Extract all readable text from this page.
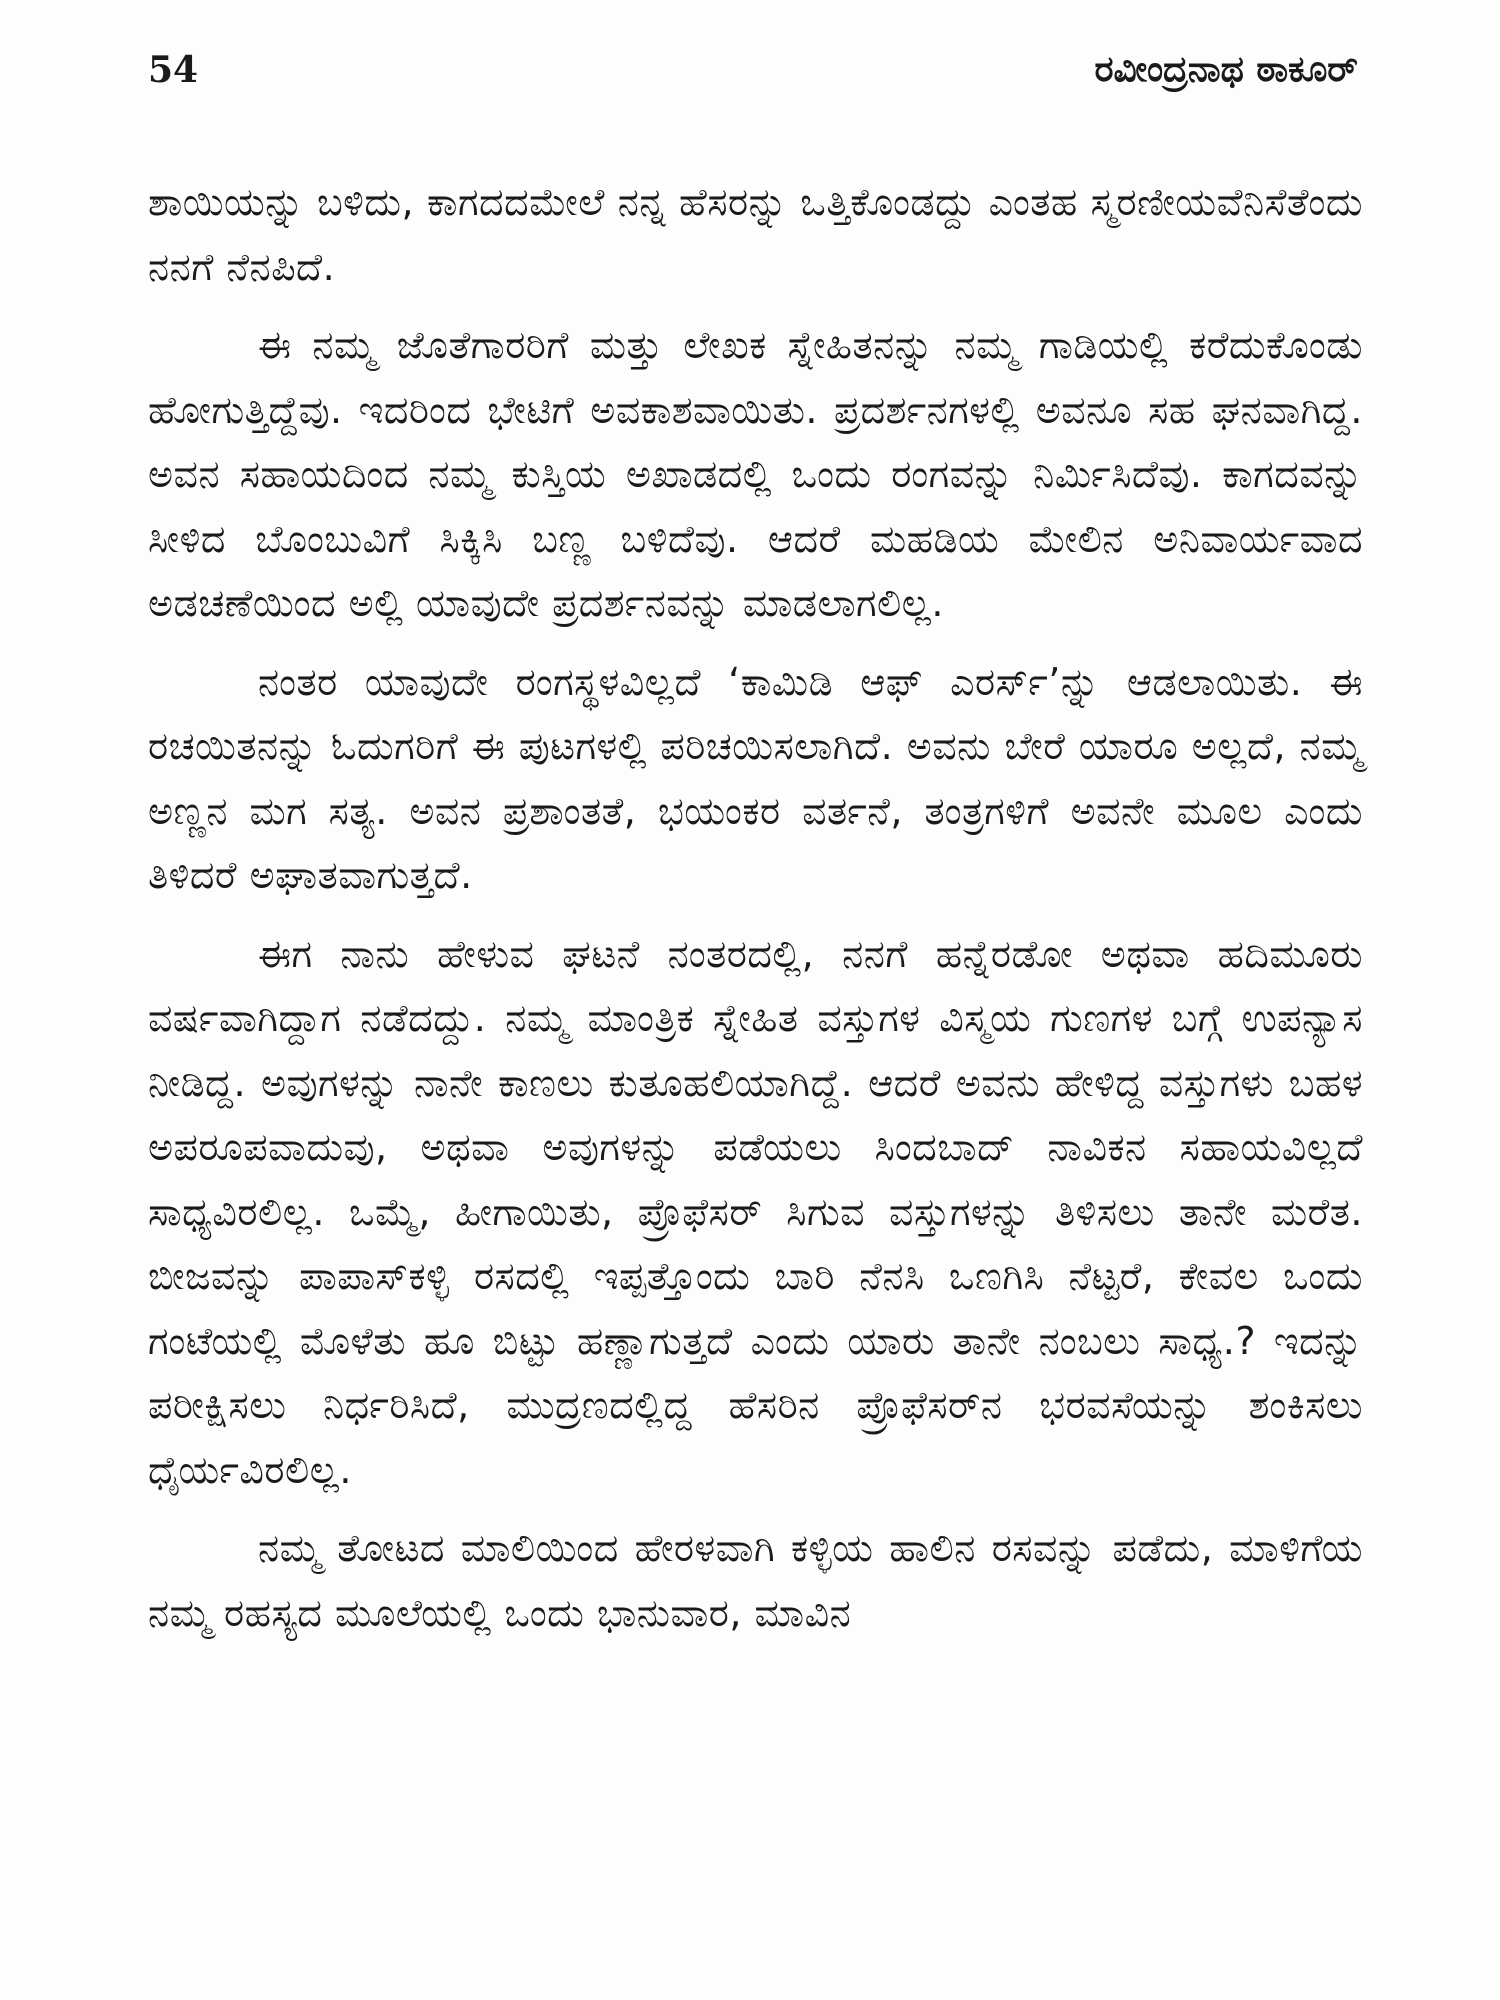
54	ರವೀಂದ್ರನಾಥ ಠಾಕೂರ್

ಶಾಯಿಯನ್ನು ಬಳಿದು, ಕಾಗದದಮೇಲೆ ನನ್ನ ಹೆಸರನ್ನು ಒತ್ತಿಕೊಂಡದ್ದು ಎಂತಹ ಸ್ಮರಣೀಯವೆನಿಸೆತೆಂದು ನನಗೆ ನೆನಪಿದೆ.

ಈ ನಮ್ಮ ಜೊತೆಗಾರರಿಗೆ ಮತ್ತು ಲೇಖಕ ಸ್ನೇಹಿತನನ್ನು ನಮ್ಮ ಗಾಡಿಯಲ್ಲಿ ಕರೆದುಕೊಂಡು ಹೋಗುತ್ತಿದ್ದೆವು. ಇದರಿಂದ ಭೇಟಿಗೆ ಅವಕಾಶವಾಯಿತು. ಪ್ರದರ್ಶನಗಳಲ್ಲಿ ಅವನೂ ಸಹ ಘನವಾಗಿದ್ದ. ಅವನ ಸಹಾಯದಿಂದ ನಮ್ಮ ಕುಸ್ತಿಯ ಅಖಾಡದಲ್ಲಿ ಒಂದು ರಂಗವನ್ನು ನಿರ್ಮಿಸಿದೆವು. ಕಾಗದವನ್ನು ಸೀಳಿದ ಬೊಂಬುವಿಗೆ ಸಿಕ್ಕಿಸಿ ಬಣ್ಣ ಬಳಿದೆವು. ಆದರೆ ಮಹಡಿಯ ಮೇಲಿನ ಅನಿವಾರ್ಯವಾದ ಅಡಚಣೆಯಿಂದ ಅಲ್ಲಿ ಯಾವುದೇ ಪ್ರದರ್ಶನವನ್ನು ಮಾಡಲಾಗಲಿಲ್ಲ.

ನಂತರ ಯಾವುದೇ ರಂಗಸ್ಥಳವಿಲ್ಲದೆ ‘ಕಾಮಿಡಿ ಆಫ್ ಎರರ್ಸ್’ನ್ನು ಆಡಲಾಯಿತು. ಈ ರಚಯಿತನನ್ನು ಓದುಗರಿಗೆ ಈ ಪುಟಗಳಲ್ಲಿ ಪರಿಚಯಿಸಲಾಗಿದೆ. ಅವನು ಬೇರೆ ಯಾರೂ ಅಲ್ಲದೆ, ನಮ್ಮ ಅಣ್ಣನ ಮಗ ಸತ್ಯ. ಅವನ ಪ್ರಶಾಂತತೆ, ಭಯಂಕರ ವರ್ತನೆ, ತಂತ್ರಗಳಿಗೆ ಅವನೇ ಮೂಲ ಎಂದು ತಿಳಿದರೆ ಅಘಾತವಾಗುತ್ತದೆ.

ಈಗ ನಾನು ಹೇಳುವ ಘಟನೆ ನಂತರದಲ್ಲಿ, ನನಗೆ ಹನ್ನೆರಡೋ ಅಥವಾ ಹದಿಮೂರು ವರ್ಷವಾಗಿದ್ದಾಗ ನಡೆದದ್ದು. ನಮ್ಮ ಮಾಂತ್ರಿಕ ಸ್ನೇಹಿತ ವಸ್ತುಗಳ ವಿಸ್ಮಯ ಗುಣಗಳ ಬಗ್ಗೆ ಉಪನ್ಯಾಸ ನೀಡಿದ್ದ. ಅವುಗಳನ್ನು ನಾನೇ ಕಾಣಲು ಕುತೂಹಲಿಯಾಗಿದ್ದೆ. ಆದರೆ ಅವನು ಹೇಳಿದ್ದ ವಸ್ತುಗಳು ಬಹಳ ಅಪರೂಪವಾದುವು, ಅಥವಾ ಅವುಗಳನ್ನು ಪಡೆಯಲು ಸಿಂದಬಾದ್ ನಾವಿಕನ ಸಹಾಯವಿಲ್ಲದೆ ಸಾಧ್ಯವಿರಲಿಲ್ಲ. ಒಮ್ಮೆ, ಹೀಗಾಯಿತು, ಪ್ರೊಫೆಸರ್ ಸಿಗುವ ವಸ್ತುಗಳನ್ನು ತಿಳಿಸಲು ತಾನೇ ಮರೆತ. ಬೀಜವನ್ನು ಪಾಪಾಸ್‌ಕಳ್ಳಿ ರಸದಲ್ಲಿ ಇಪ್ಪತ್ತೊಂದು ಬಾರಿ ನೆನಸಿ ಒಣಗಿಸಿ ನೆಟ್ಟರೆ, ಕೇವಲ ಒಂದು ಗಂಟೆಯಲ್ಲಿ ಮೊಳೆತು ಹೂ ಬಿಟ್ಟು ಹಣ್ಣಾಗುತ್ತದೆ ಎಂದು ಯಾರು ತಾನೇ ನಂಬಲು ಸಾಧ್ಯ.? ಇದನ್ನು ಪರೀಕ್ಷಿಸಲು ನಿರ್ಧರಿಸಿದೆ, ಮುದ್ರಣದಲ್ಲಿದ್ದ ಹೆಸರಿನ ಪ್ರೊಫೆಸರ್‌ನ ಭರವಸೆಯನ್ನು ಶಂಕಿಸಲು ಧೈರ್ಯವಿರಲಿಲ್ಲ.

ನಮ್ಮ ತೋಟದ ಮಾಲಿಯಿಂದ ಹೇರಳವಾಗಿ ಕಳ್ಳಿಯ ಹಾಲಿನ ರಸವನ್ನು ಪಡೆದು, ಮಾಳಿಗೆಯ ನಮ್ಮ ರಹಸ್ಯದ ಮೂಲೆಯಲ್ಲಿ ಒಂದು ಭಾನುವಾರ, ಮಾವಿನ
